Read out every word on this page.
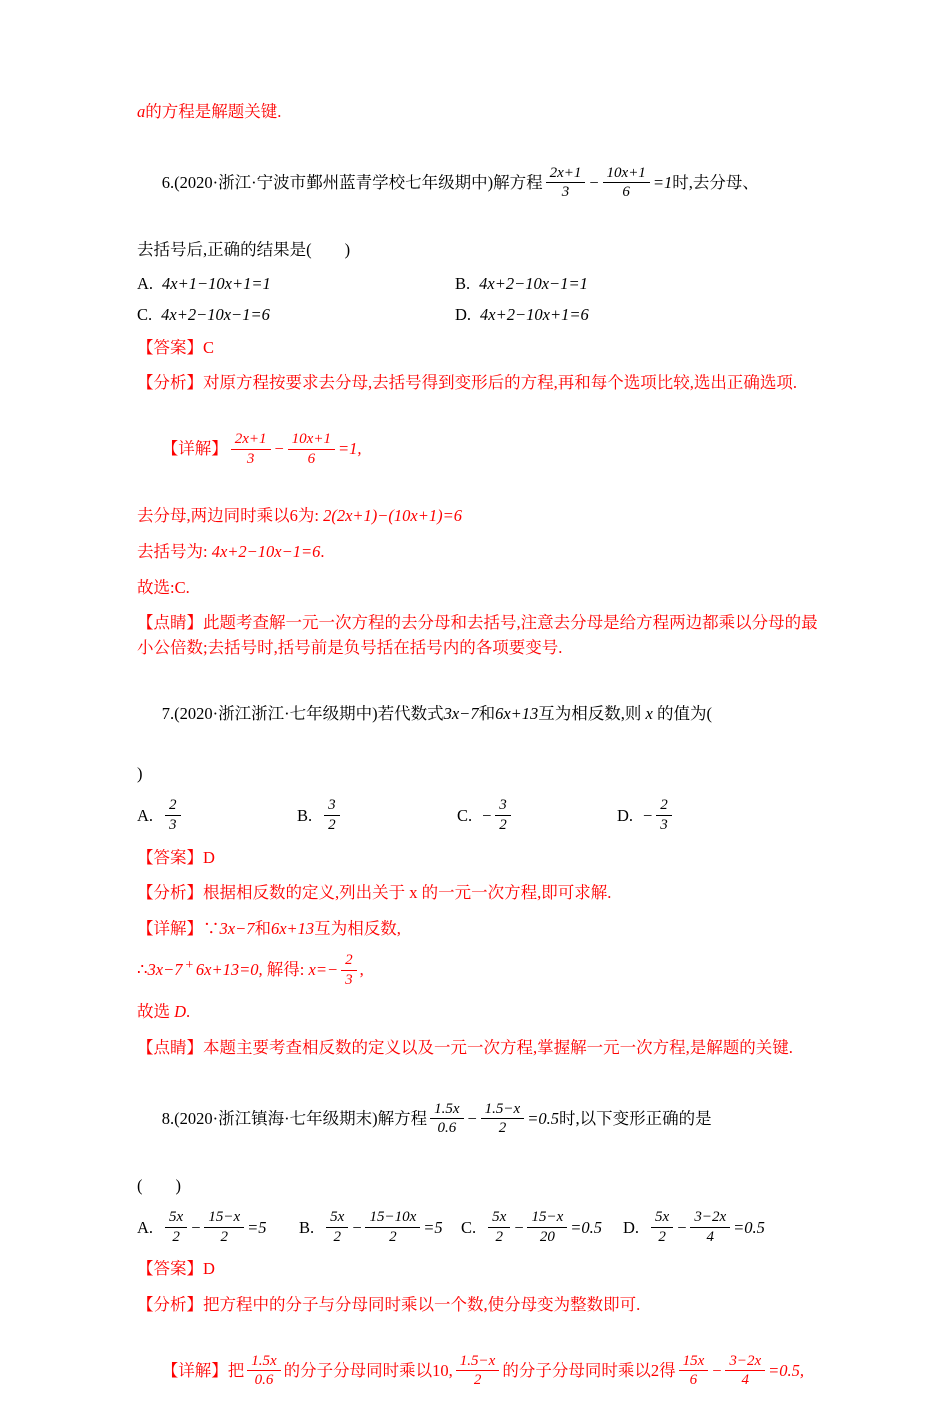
a的方程是解题关键.

6.(2020·浙江·宁波市鄞州蓝青学校七年级期中)解方程 $\frac{2x+1}{3} - \frac{10x+1}{6} =1$时,去分母、

去括号后,正确的结果是(　　)
A. 4x+1−10x+1=1	B. 4x+2−10x−1=1
C. 4x+2−10x−1=6	D. 4x+2−10x+1=6
【答案】C
【分析】对原方程按要求去分母,去括号得到变形后的方程,再和每个选项比较,选出正确选项.

【详解】 $\frac{2x+1}{3} - \frac{10x+1}{6} =1$,

去分母,两边同时乘以6为: 2(2x+1)−(10x+1)=6
去括号为: 4x+2−10x−1=6.
故选:C.
【点睛】此题考查解一元一次方程的去分母和去括号,注意去分母是给方程两边都乘以分母的最小公倍数;去括号时,括号前是负号括在括号内的各项要变号.

7.(2020·浙江浙江·七年级期中)若代数式3x−7和6x+13互为相反数,则 x 的值为(

)
A. $\frac{2}{3}$	B. $\frac{3}{2}$	C. − $\frac{3}{2}$	D. − $\frac{2}{3}$
【答案】D
【分析】根据相反数的定义,列出关于 x 的一元一次方程,即可求解.
【详解】∵3x−7和6x+13互为相反数,
∴3x−7 + 6x+13=0, 解得: $x=- \frac{2}{3}$ ,
故选 D.
【点睛】本题主要考查相反数的定义以及一元一次方程,掌握解一元一次方程,是解题的关键.

8.(2020·浙江镇海·七年级期末)解方程 $\frac{1.5x}{0.6} - \frac{1.5-x}{2} =0.5$时,以下变形正确的是

(　　)
A. $\frac{5x}{2} - \frac{15-x}{2} =5$ B. $\frac{5x}{2} - \frac{15-10x}{2} =5$ C. $\frac{5x}{2} - \frac{15-x}{20} =0.5$ D. $\frac{5x}{2} - \frac{3-2x}{4} =0.5$
【答案】D
【分析】把方程中的分子与分母同时乘以一个数,使分母变为整数即可.

【详解】把 $\frac{1.5x}{0.6}$ 的分子分母同时乘以10, $\frac{1.5-x}{2}$ 的分子分母同时乘以2得 $\frac{15x}{6} - \frac{3-2x}{4} =0.5$,
